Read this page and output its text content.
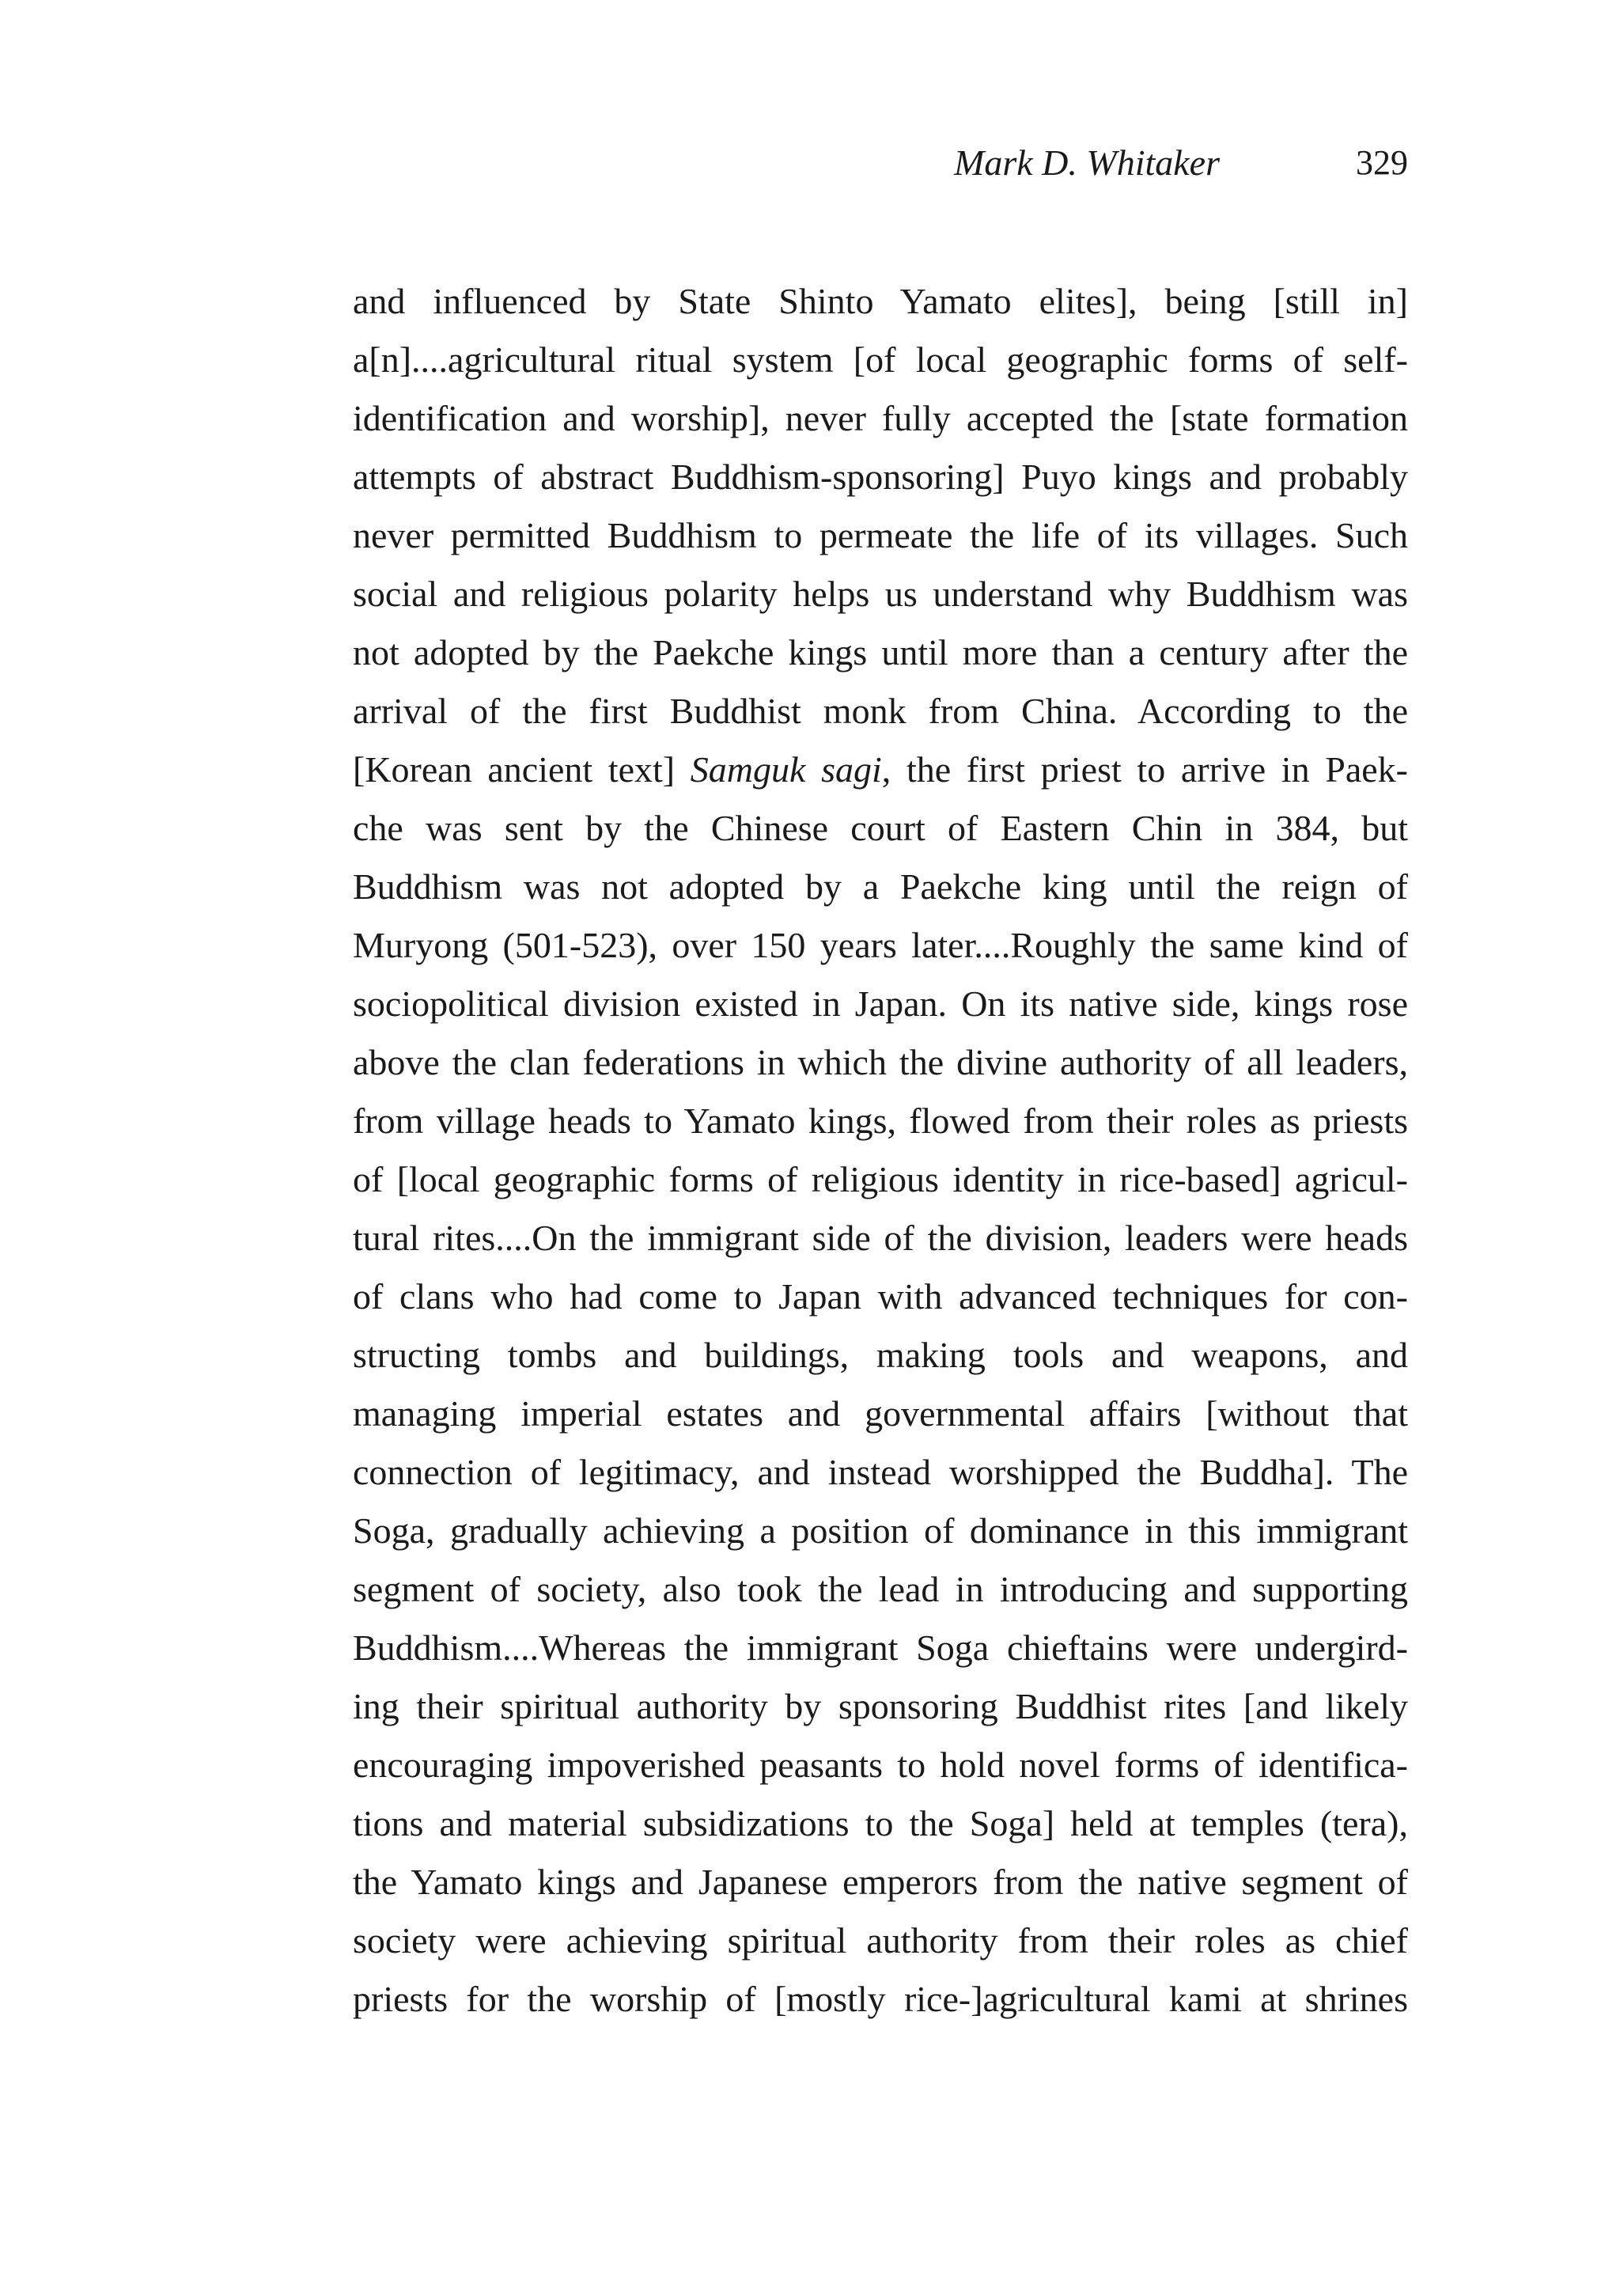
Mark D. Whitaker	329
and influenced by State Shinto Yamato elites], being [still in]
a[n]....agricultural ritual system [of local geographic forms of self-
identification and worship], never fully accepted the [state formation
attempts of abstract Buddhism-sponsoring] Puyo kings and probably
never permitted Buddhism to permeate the life of its villages. Such
social and religious polarity helps us understand why Buddhism was
not adopted by the Paekche kings until more than a century after the
arrival of the first Buddhist monk from China. According to the
[Korean ancient text] Samguk sagi, the first priest to arrive in Paek-
che was sent by the Chinese court of Eastern Chin in 384, but
Buddhism was not adopted by a Paekche king until the reign of
Muryong (501-523), over 150 years later....Roughly the same kind of
sociopolitical division existed in Japan. On its native side, kings rose
above the clan federations in which the divine authority of all leaders,
from village heads to Yamato kings, flowed from their roles as priests
of [local geographic forms of religious identity in rice-based] agricul-
tural rites....On the immigrant side of the division, leaders were heads
of clans who had come to Japan with advanced techniques for con-
structing tombs and buildings, making tools and weapons, and
managing imperial estates and governmental affairs [without that
connection of legitimacy, and instead worshipped the Buddha]. The
Soga, gradually achieving a position of dominance in this immigrant
segment of society, also took the lead in introducing and supporting
Buddhism....Whereas the immigrant Soga chieftains were undergird-
ing their spiritual authority by sponsoring Buddhist rites [and likely
encouraging impoverished peasants to hold novel forms of identifica-
tions and material subsidizations to the Soga] held at temples (tera),
the Yamato kings and Japanese emperors from the native segment of
society were achieving spiritual authority from their roles as chief
priests for the worship of [mostly rice-]agricultural kami at shrines
